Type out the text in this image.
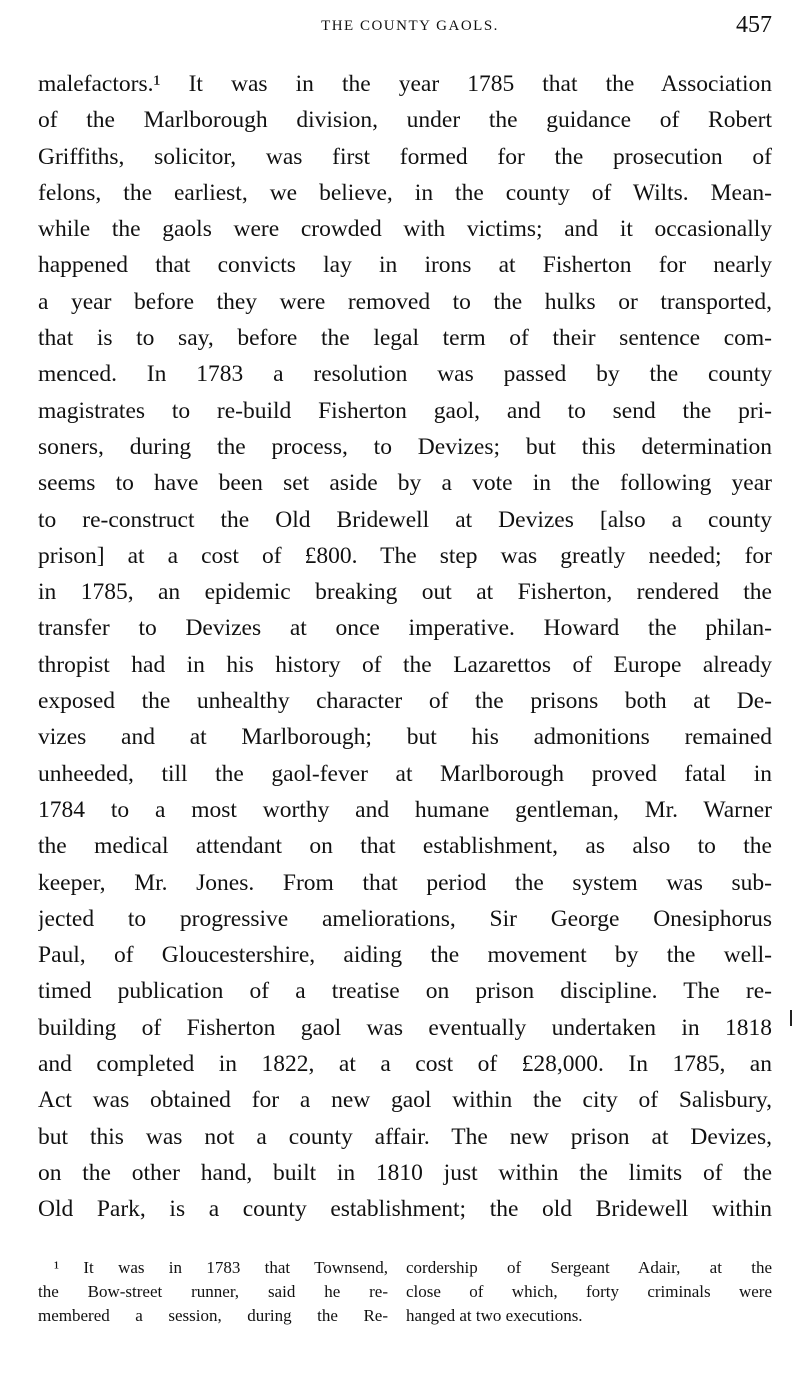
THE COUNTY GAOLS.	457
malefactors.¹ It was in the year 1785 that the Association
of the Marlborough division, under the guidance of Robert
Griffiths, solicitor, was first formed for the prosecution of
felons, the earliest, we believe, in the county of Wilts. Mean-
while the gaols were crowded with victims; and it occasionally
happened that convicts lay in irons at Fisherton for nearly
a year before they were removed to the hulks or transported,
that is to say, before the legal term of their sentence com-
menced. In 1783 a resolution was passed by the county
magistrates to re-build Fisherton gaol, and to send the pri-
soners, during the process, to Devizes; but this determination
seems to have been set aside by a vote in the following year
to re-construct the Old Bridewell at Devizes [also a county
prison] at a cost of £800. The step was greatly needed; for
in 1785, an epidemic breaking out at Fisherton, rendered the
transfer to Devizes at once imperative. Howard the philan-
thropist had in his history of the Lazarettos of Europe already
exposed the unhealthy character of the prisons both at De-
vizes and at Marlborough; but his admonitions remained
unheeded, till the gaol-fever at Marlborough proved fatal in
1784 to a most worthy and humane gentleman, Mr. Warner
the medical attendant on that establishment, as also to the
keeper, Mr. Jones. From that period the system was sub-
jected to progressive ameliorations, Sir George Onesiphorus
Paul, of Gloucestershire, aiding the movement by the well-
timed publication of a treatise on prison discipline. The re-
building of Fisherton gaol was eventually undertaken in 1818
and completed in 1822, at a cost of £28,000. In 1785, an
Act was obtained for a new gaol within the city of Salisbury,
but this was not a county affair. The new prison at Devizes,
on the other hand, built in 1810 just within the limits of the
Old Park, is a county establishment; the old Bridewell within
¹ It was in 1783 that Townsend,
the Bow-street runner, said he re-
membered a session, during the Re-
cordership of Sergeant Adair, at the
close of which, forty criminals were
hanged at two executions.
